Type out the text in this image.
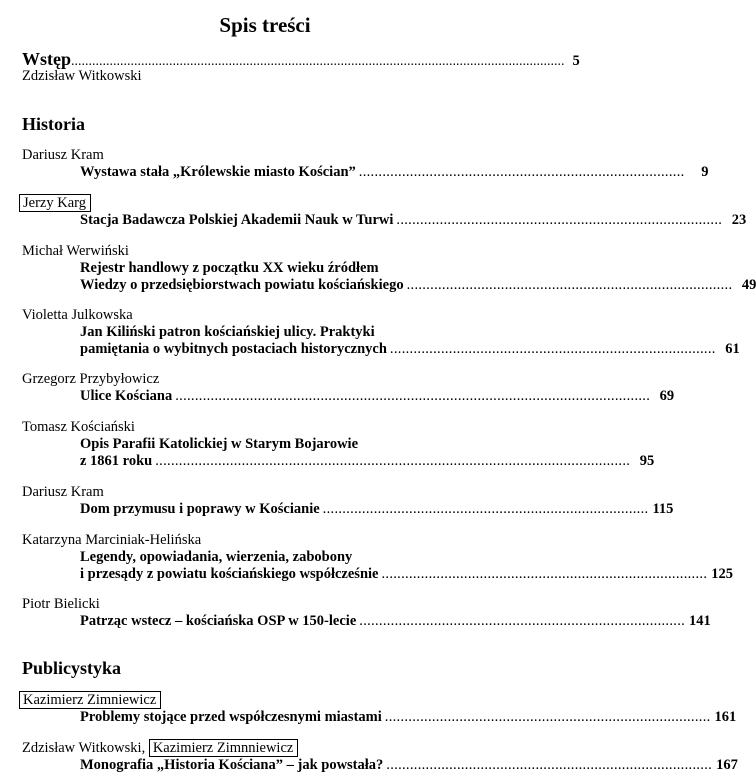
Spis treści
Wstęp ............................................................................................................................................. 5
Zdzisław Witkowski
Historia
Dariusz Kram
Wystawa stała „Królewskie miasto Kościan” ...................................................................................	9
Jerzy Karg
Stacja Badawcza Polskiej Akademii Nauk w Turwi ................................................................................... 23
Michał Werwiński
Rejestr handlowy z początku XX wieku źródłem
Wiedzy o przedsiębiorstwach powiatu kościańskiego ................................................................................... 49
Violetta Julkowska
Jan Kiliński patron kościańskiej ulicy. Praktyki
pamiętania o wybitnych postaciach historycznych ................................................................................... 61
Grzegorz Przybyłowicz
Ulice Kościana ......................................................................................................................... 69
Tomasz Kościański
Opis Parafii Katolickiej w Starym Bojarowie
z 1861 roku ......................................................................................................................... 95
Dariusz Kram
Dom przymusu i poprawy w Kościanie ................................................................................... 115
Katarzyna Marciniak-Helińska
Legendy, opowiadania, wierzenia, zabobony
i przesądy z powiatu kościańskiego współcześnie ................................................................................... 125
Piotr Bielicki
Patrząc wstecz – kościańska OSP w 150-lecie ................................................................................... 141
Publicystyka
Kazimierz Zimniewicz
Problemy stojące przed współczesnymi miastami ................................................................................... 161
Zdzisław Witkowski, Kazimierz Zimnniewicz
Monografia „Historia Kościana” – jak powstała? ................................................................................... 167
